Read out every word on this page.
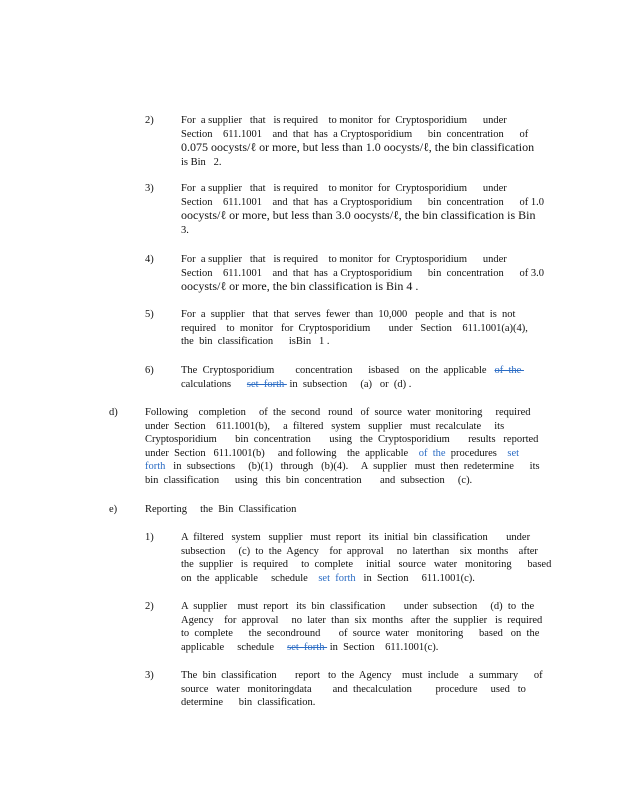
2)	For  a supplier   that   is required    to monitor  for  Cryptosporidium      under
Section    611.1001    and  that  has  a Cryptosporidium      bin  concentration      of
0.075 oocysts/ℓ or more, but less than 1.0 oocysts/ℓ, the bin classification
is Bin   2.
3)	For  a supplier   that   is required    to monitor  for  Cryptosporidium      under
Section    611.1001    and  that  has  a Cryptosporidium      bin  concentration      of 1.0
oocysts/ℓ or more, but less than 3.0 oocysts/ℓ, the bin classification is Bin
3.
4)	For  a supplier   that   is required    to monitor  for  Cryptosporidium      under
Section    611.1001    and  that  has  a Cryptosporidium      bin  concentration      of 3.0
oocysts/ℓ or more, the bin classification is Bin 4 .
5)	For  a  supplier   that  that  serves  fewer  than  10,000   people  and  that  is  not
required    to  monitor   for  Cryptosporidium       under   Section    611.1001(a)(4),
the  bin  classification      isBin   1 .
6)	The  Cryptosporidium        concentration      isbased    on  the  applicable   of  the
calculations      set  forth  in  subsection     (a)   or  (d) .
d)	Following    completion     of  the  second   round   of  source  water  monitoring     required
under  Section    611.1001(b),     a  filtered   system   supplier   must  recalculate     its
Cryptosporidium       bin  concentration       using   the  Cryptosporidium       results   reported
under  Section   611.1001(b)     and following    the  applicable    of  the  procedures    set
forth   in  subsections     (b)(1)   through   (b)(4).     A  supplier   must  then  redetermine      its
bin  classification      using   this  bin  concentration       and  subsection     (c).
e)	Reporting     the  Bin  Classification
1)	A  filtered   system   supplier   must  report   its  initial  bin  classification       under
subsection     (c)  to  the  Agency    for  approval     no  laterthan    six  months    after
the  supplier   is  required     to  complete     initial   source   water   monitoring      based
on  the  applicable     schedule    set  forth   in  Section     611.1001(c).
2)	A  supplier    must  report   its  bin  classification       under  subsection     (d)  to  the
Agency    for  approval     no  later  than  six  months   after  the  supplier   is  required
to  complete      the  secondround       of  source  water   monitoring      based   on  the
applicable     schedule     set  forth  in  Section    611.1001(c).
3)	The  bin  classification       report   to  the  Agency    must  include    a  summary      of
source   water   monitoringdata        and  thecalculation         procedure     used   to
determine      bin  classification.
